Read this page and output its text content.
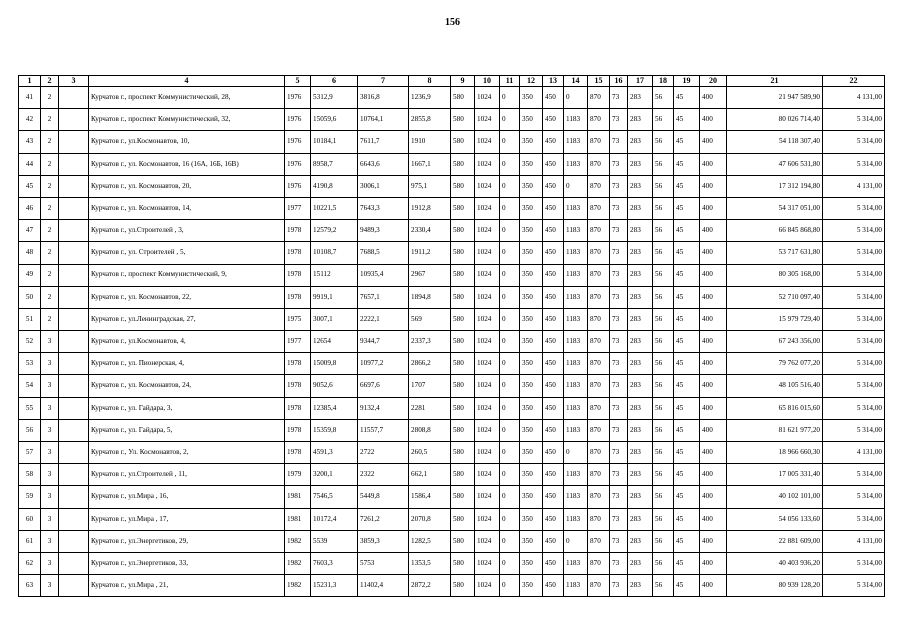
156
1	2	3	4	5	6	7	8	9	10	11	12	13	14	15	16	17	18	19	20	21	22
41	2		Курчатов г., проспект Коммунистический, 28,	1976	5312,9	3816,8	1236,9	580	1024	0	350	450	0	870	73	283	56	45	400	21 947 589,90	4 131,00
42	2		Курчатов г., проспект Коммунистический, 32,	1976	15059,6	10764,1	2855,8	580	1024	0	350	450	1183	870	73	283	56	45	400	80 026 714,40	5 314,00
43	2		Курчатов г., ул.Космонавтов, 10,	1976	10184,1	7611,7	1910	580	1024	0	350	450	1183	870	73	283	56	45	400	54 118 307,40	5 314,00
44	2		Курчатов г., ул. Космонавтов, 16 (16А, 16Б, 16В)	1976	8958,7	6643,6	1667,1	580	1024	0	350	450	1183	870	73	283	56	45	400	47 606 531,80	5 314,00
45	2		Курчатов г., ул. Космонавтов, 20,	1976	4190,8	3006,1	975,1	580	1024	0	350	450	0	870	73	283	56	45	400	17 312 194,80	4 131,00
46	2		Курчатов г., ул. Космонавтов, 14,	1977	10221,5	7643,3	1912,8	580	1024	0	350	450	1183	870	73	283	56	45	400	54 317 051,00	5 314,00
47	2		Курчатов г., ул.Строителей , 3,	1978	12579,2	9489,3	2330,4	580	1024	0	350	450	1183	870	73	283	56	45	400	66 845 868,80	5 314,00
48	2		Курчатов г., ул. Строителей , 5,	1978	10108,7	7688,5	1911,2	580	1024	0	350	450	1183	870	73	283	56	45	400	53 717 631,80	5 314,00
49	2		Курчатов г., проспект Коммунистический, 9,	1978	15112	10935,4	2967	580	1024	0	350	450	1183	870	73	283	56	45	400	80 305 168,00	5 314,00
50	2		Курчатов г., ул. Космонавтов, 22,	1978	9919,1	7657,1	1894,8	580	1024	0	350	450	1183	870	73	283	56	45	400	52 710 097,40	5 314,00
51	2		Курчатов г., ул.Ленинградская, 27,	1975	3007,1	2222,1	569	580	1024	0	350	450	1183	870	73	283	56	45	400	15 979 729,40	5 314,00
52	3		Курчатов г., ул.Космонавтов, 4,	1977	12654	9344,7	2337,3	580	1024	0	350	450	1183	870	73	283	56	45	400	67 243 356,00	5 314,00
53	3		Курчатов г., ул. Пионерская, 4,	1978	15009,8	10977,2	2866,2	580	1024	0	350	450	1183	870	73	283	56	45	400	79 762 077,20	5 314,00
54	3		Курчатов г., ул. Космонавтов, 24,	1978	9052,6	6697,6	1707	580	1024	0	350	450	1183	870	73	283	56	45	400	48 105 516,40	5 314,00
55	3		Курчатов г., ул. Гайдара, 3,	1978	12385,4	9132,4	2281	580	1024	0	350	450	1183	870	73	283	56	45	400	65 816 015,60	5 314,00
56	3		Курчатов г., ул. Гайдара, 5,	1978	15359,8	11557,7	2808,8	580	1024	0	350	450	1183	870	73	283	56	45	400	81 621 977,20	5 314,00
57	3		Курчатов г., Ул. Космонавтов, 2,	1978	4591,3	2722	260,5	580	1024	0	350	450	0	870	73	283	56	45	400	18 966 660,30	4 131,00
58	3		Курчатов г., ул.Строителей , 11,	1979	3200,1	2322	662,1	580	1024	0	350	450	1183	870	73	283	56	45	400	17 005 331,40	5 314,00
59	3		Курчатов г., ул.Мира , 16,	1981	7546,5	5449,8	1586,4	580	1024	0	350	450	1183	870	73	283	56	45	400	40 102 101,00	5 314,00
60	3		Курчатов г., ул.Мира , 17,	1981	10172,4	7261,2	2070,8	580	1024	0	350	450	1183	870	73	283	56	45	400	54 056 133,60	5 314,00
61	3		Курчатов г., ул.Энергетиков, 29,	1982	5539	3859,3	1282,5	580	1024	0	350	450	0	870	73	283	56	45	400	22 881 609,00	4 131,00
62	3		Курчатов г., ул.Энергетиков, 33,	1982	7603,3	5753	1353,5	580	1024	0	350	450	1183	870	73	283	56	45	400	40 403 936,20	5 314,00
63	3		Курчатов г., ул.Мира , 21,	1982	15231,3	11402,4	2872,2	580	1024	0	350	450	1183	870	73	283	56	45	400	80 939 128,20	5 314,00
